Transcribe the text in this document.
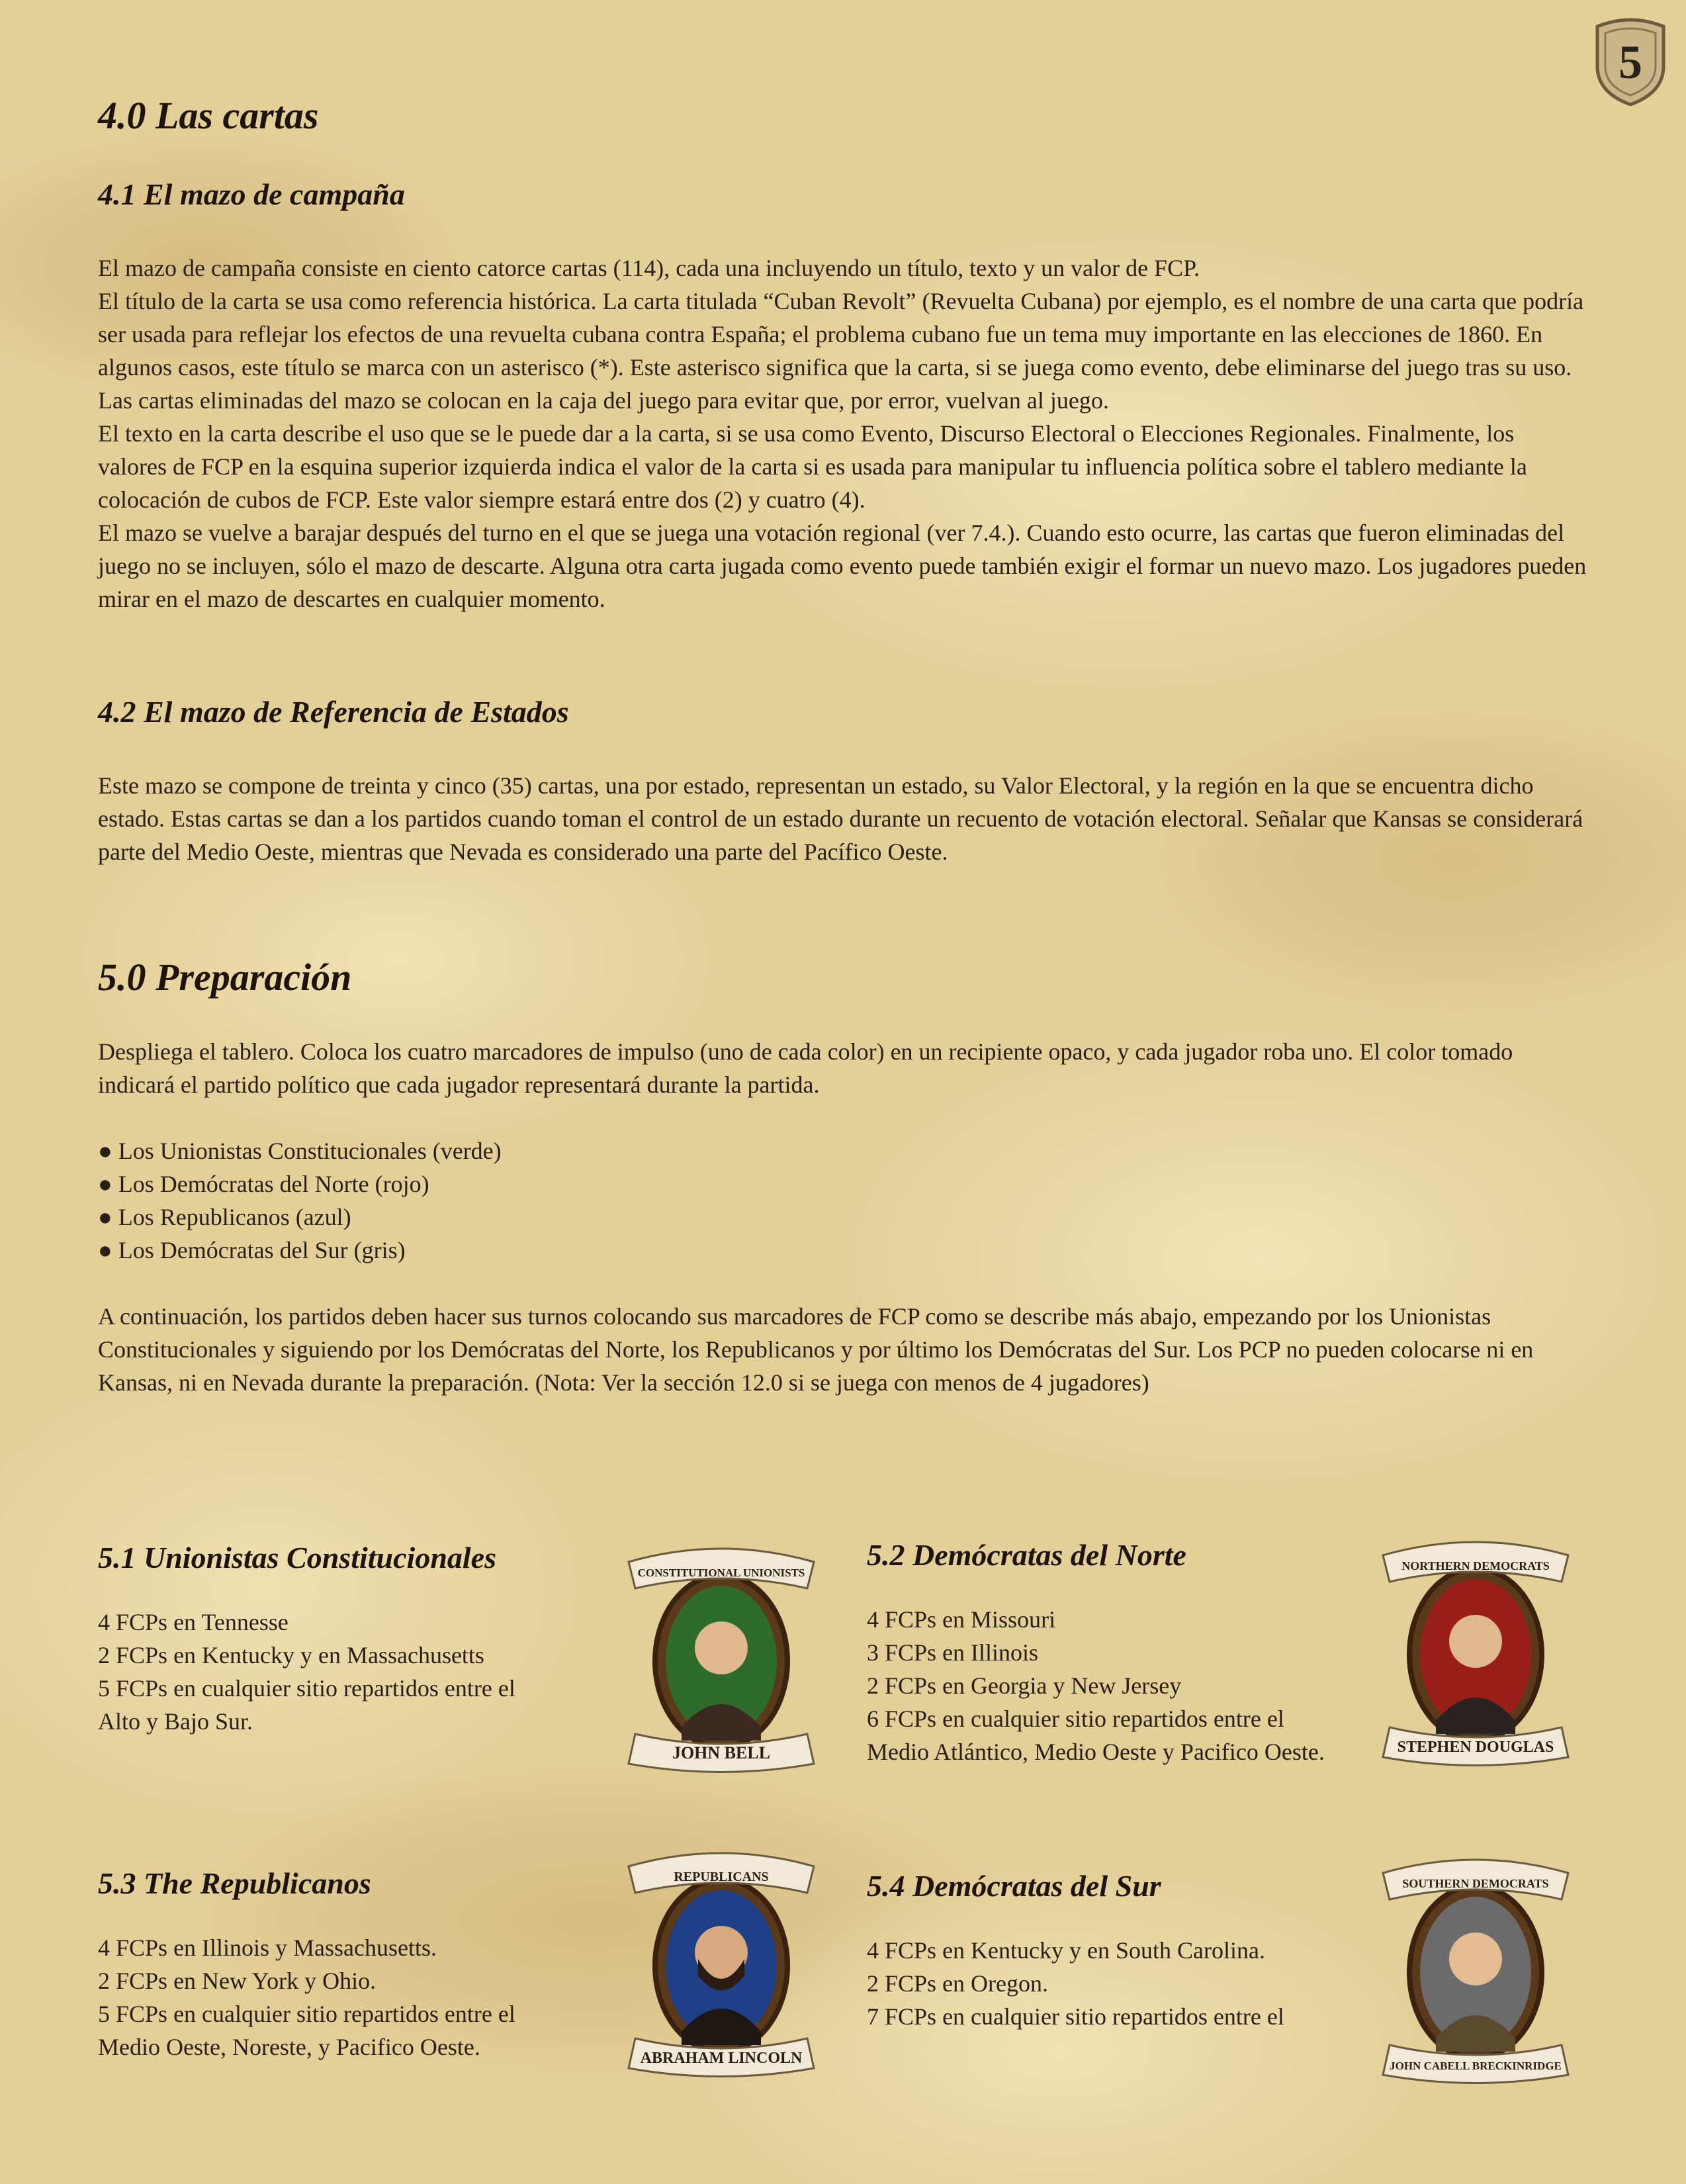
5
4.0 Las cartas
4.1 El mazo de campaña

El mazo de campaña consiste en ciento catorce cartas (114), cada una incluyendo un título, texto y un valor de FCP.

El título de la carta se usa como referencia histórica. La carta titulada “Cuban Revolt” (Revuelta Cubana) por ejemplo, es el nombre de una carta que podría ser usada para reflejar los efectos de una revuelta cubana contra España; el problema cubano fue un tema muy importante en las elecciones de 1860. En algunos casos, este título se marca con un asterisco (*). Este asterisco significa que la carta, si se juega como evento, debe eliminarse del juego tras su uso. Las cartas eliminadas del mazo se colocan en la caja del juego para evitar que, por error, vuelvan al juego.

El texto en la carta describe el uso que se le puede dar a la carta, si se usa como Evento, Discurso Electoral o Elecciones Regionales. Finalmente, los valores de FCP en la esquina superior izquierda indica el valor de la carta si es usada para manipular tu influencia política sobre el tablero mediante la colocación de cubos de FCP. Este valor siempre estará entre dos (2) y cuatro (4).

El mazo se vuelve a barajar después del turno en el que se juega una votación regional (ver 7.4.). Cuando esto ocurre, las cartas que fueron eliminadas del juego no se incluyen, sólo el mazo de descarte. Alguna otra carta jugada como evento puede también exigir el formar un nuevo mazo. Los jugadores pueden mirar en el mazo de descartes en cualquier momento.

4.2 El mazo de Referencia de Estados

Este mazo se compone de treinta y cinco (35) cartas, una por estado, representan un estado, su Valor Electoral, y la región en la que se encuentra dicho estado. Estas cartas se dan a los partidos cuando toman el control de un estado durante un recuento de votación electoral. Señalar que Kansas se considerará parte del Medio Oeste, mientras que Nevada es considerado una parte del Pacífico Oeste.

5.0 Preparación

Despliega el tablero. Coloca los cuatro marcadores de impulso (uno de cada color) en un recipiente opaco, y cada jugador roba uno. El color tomado indicará el partido político que cada jugador representará durante la partida.

● Los Unionistas Constitucionales (verde)
● Los Demócratas del Norte (rojo)
● Los Republicanos (azul)
● Los Demócratas del Sur (gris)

A continuación, los partidos deben hacer sus turnos colocando sus marcadores de FCP como se describe más abajo, empezando por los Unionistas Constitucionales y siguiendo por los Demócratas del Norte, los Republicanos y por último los Demócratas del Sur. Los PCP no pueden colocarse ni en Kansas, ni en Nevada durante la preparación. (Nota: Ver la sección 12.0 si se juega con menos de 4 jugadores)

5.1 Unionistas Constitucionales
4 FCPs en Tennesse
2 FCPs en Kentucky y en Massachusetts
5 FCPs en cualquier sitio repartidos entre el
Alto y Bajo Sur.
5.2 Demócratas del Norte
4 FCPs en Missouri
3 FCPs en Illinois
2 FCPs en Georgia y New Jersey
6 FCPs en cualquier sitio repartidos entre el
Medio Atlántico, Medio Oeste y Pacifico Oeste.
5.3 The Republicanos
4 FCPs en Illinois y Massachusetts.
2 FCPs en New York y Ohio.
5 FCPs en cualquier sitio repartidos entre el
Medio Oeste, Noreste, y Pacifico Oeste.
5.4 Demócratas del Sur
4 FCPs en Kentucky y en South Carolina.
2 FCPs en Oregon.
7 FCPs en cualquier sitio repartidos entre el
CONSTITUTIONAL UNIONISTS
JOHN BELL
NORTHERN DEMOCRATS
STEPHEN DOUGLAS
REPUBLICANS
ABRAHAM LINCOLN
SOUTHERN DEMOCRATS
JOHN CABELL BRECKINRIDGE
